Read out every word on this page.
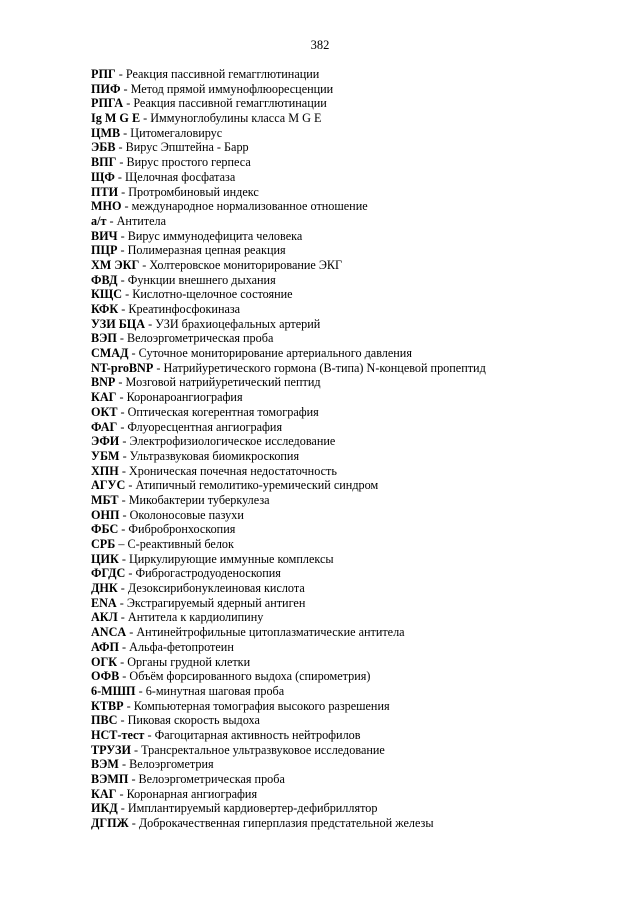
382
РПГ - Реакция пассивной гемагглютинации
ПИФ - Метод прямой иммунофлюоресценции
РПГА - Реакция пассивной гемагглютинации
Ig M G E - Иммуноглобулины класса M G E
ЦМВ - Цитомегаловирус
ЭБВ - Вирус Эпштейна - Барр
ВПГ - Вирус простого герпеса
ЩФ - Щелочная фосфатаза
ПТИ - Протромбиновый индекс
МНО - международное нормализованное отношение
а/т - Антитела
ВИЧ - Вирус иммунодефицита человека
ПЦР - Полимеразная цепная реакция
ХМ ЭКГ - Холтеровское мониторирование ЭКГ
ФВД - Функции внешнего дыхания
КЩС - Кислотно-щелочное состояние
КФК - Креатинфосфокиназа
УЗИ БЦА - УЗИ брахиоцефальных артерий
ВЭП - Велоэргометрическая проба
СМАД - Суточное мониторирование артериального давления
NT-proBNP - Натрийуретического гормона (В-типа) N-концевой пропептид
BNP - Мозговой натрийуретический пептид
КАГ - Коронароангиография
ОКТ - Оптическая когерентная томография
ФАГ - Флуоресцентная ангиография
ЭФИ - Электрофизиологическое исследование
УБМ - Ультразвуковая биомикроскопия
ХПН - Хроническая почечная недостаточность
АГУС - Атипичный гемолитико-уремический синдром
МБТ - Микобактерии туберкулеза
ОНП - Околоносовые пазухи
ФБС - Фибробронхоскопия
СРБ – С-реактивный белок
ЦИК - Циркулирующие иммунные комплексы
ФГДС - Фиброгастродуоденоскопия
ДНК - Дезоксирибонуклеиновая кислота
ENA - Экстрагируемый ядерный антиген
АКЛ - Антитела к кардиолипину
ANCA - Антинейтрофильные цитоплазматические антитела
АФП - Альфа-фетопротеин
ОГК - Органы грудной клетки
ОФВ - Объём форсированного выдоха (спирометрия)
6-МШП - 6-минутная шаговая проба
КТВР - Компьютерная томография высокого разрешения
ПВС - Пиковая скорость выдоха
НСТ-тест - Фагоцитарная активность нейтрофилов
ТРУЗИ - Трансректальное ультразвуковое исследование
ВЭМ - Велоэргометрия
ВЭМП - Велоэргометрическая проба
КАГ - Коронарная ангиография
ИКД - Имплантируемый кардиовертер-дефибриллятор
ДГПЖ - Доброкачественная гиперплазия предстательной железы
